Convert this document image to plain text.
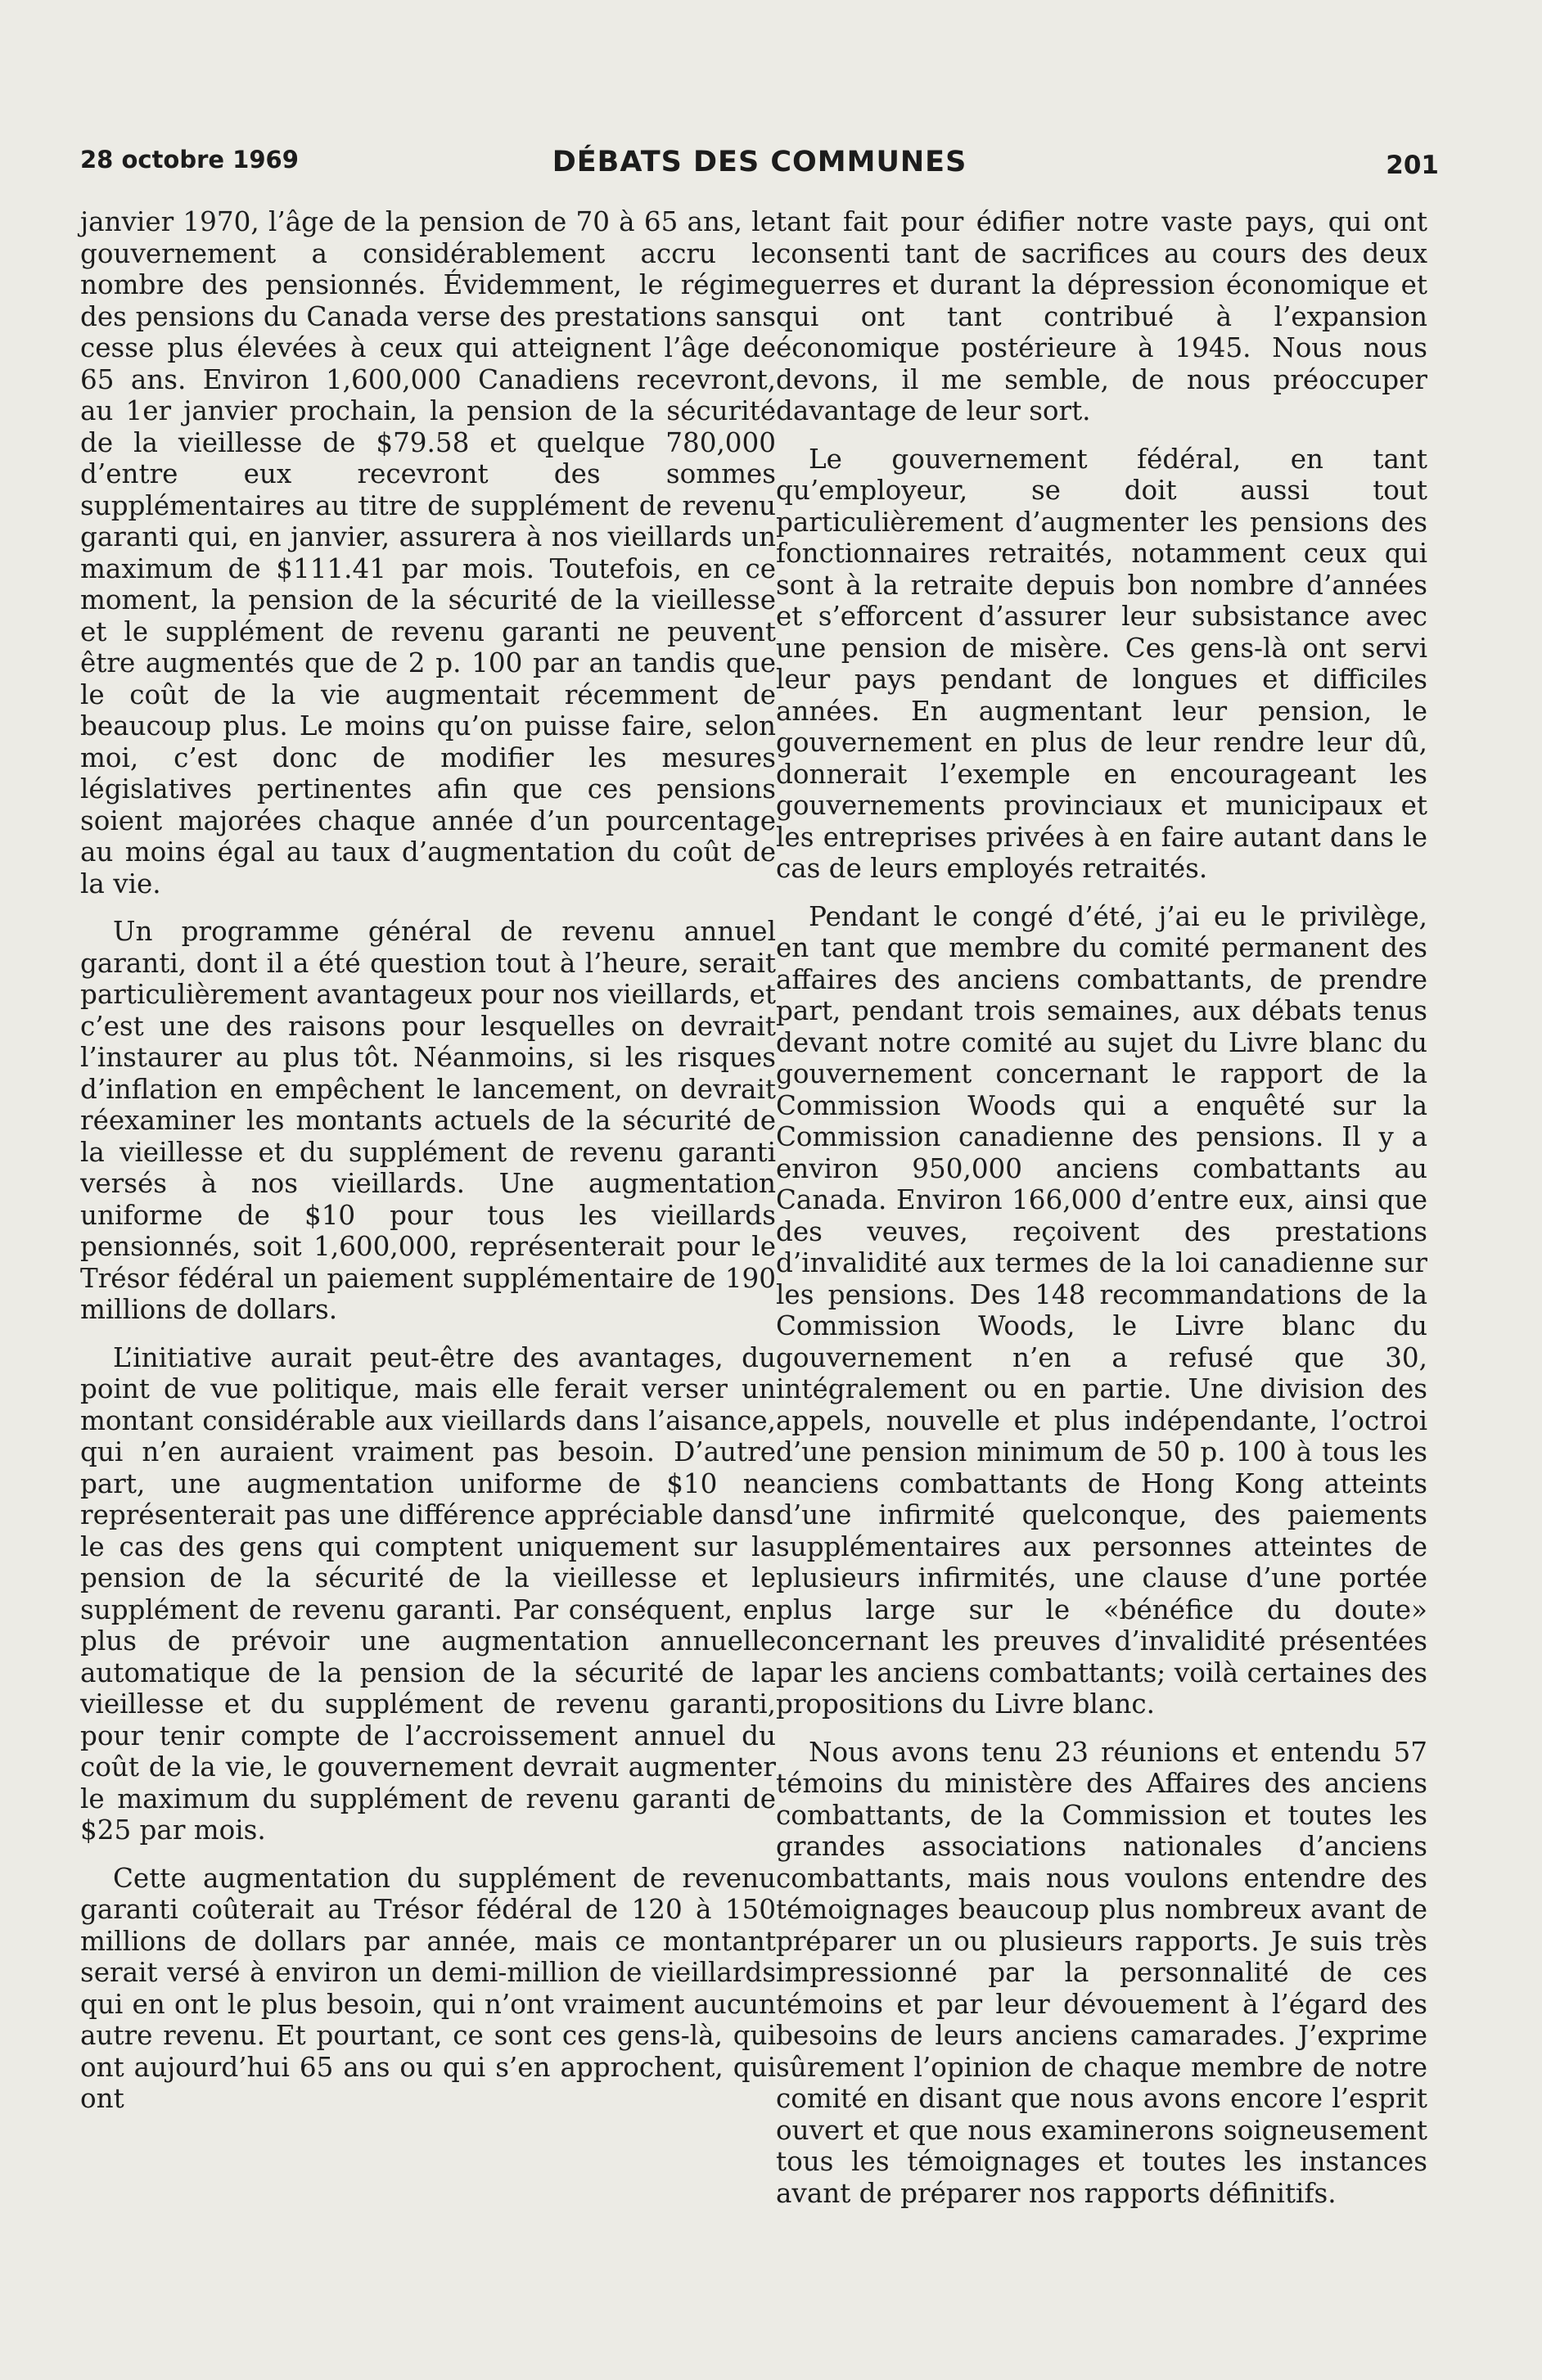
28 octobre 1969	DÉBATS DES COMMUNES	201

janvier 1970, l’âge de la pension de 70 à 65 ans, le gouvernement a considérablement accru le nombre des pensionnés. Évidemment, le régime des pensions du Canada verse des prestations sans cesse plus élevées à ceux qui atteignent l’âge de 65 ans. Environ 1,600,000 Canadiens recevront, au 1er janvier prochain, la pension de la sécurité de la vieillesse de $79.58 et quelque 780,000 d’entre eux recevront des sommes supplémentaires au titre de supplément de revenu garanti qui, en janvier, assurera à nos vieillards un maximum de $111.41 par mois. Toutefois, en ce moment, la pension de la sécurité de la vieillesse et le supplément de revenu garanti ne peuvent être augmentés que de 2 p. 100 par an tandis que le coût de la vie augmentait récemment de beaucoup plus. Le moins qu’on puisse faire, selon moi, c’est donc de modifier les mesures législatives pertinentes afin que ces pensions soient majorées chaque année d’un pourcentage au moins égal au taux d’augmentation du coût de la vie.

Un programme général de revenu annuel garanti, dont il a été question tout à l’heure, serait particulièrement avantageux pour nos vieillards, et c’est une des raisons pour lesquelles on devrait l’instaurer au plus tôt. Néanmoins, si les risques d’inflation en empêchent le lancement, on devrait réexaminer les montants actuels de la sécurité de la vieillesse et du supplément de revenu garanti versés à nos vieillards. Une augmentation uniforme de $10 pour tous les vieillards pensionnés, soit 1,600,000, représenterait pour le Trésor fédéral un paiement supplémentaire de 190 millions de dollars.

L’initiative aurait peut-être des avantages, du point de vue politique, mais elle ferait verser un montant considérable aux vieillards dans l’aisance, qui n’en auraient vraiment pas besoin. D’autre part, une augmentation uniforme de $10 ne représenterait pas une différence appréciable dans le cas des gens qui comptent uniquement sur la pension de la sécurité de la vieillesse et le supplément de revenu garanti. Par conséquent, en plus de prévoir une augmentation annuelle automatique de la pension de la sécurité de la vieillesse et du supplément de revenu garanti, pour tenir compte de l’accroissement annuel du coût de la vie, le gouvernement devrait augmenter le maximum du supplément de revenu garanti de $25 par mois.

Cette augmentation du supplément de revenu garanti coûterait au Trésor fédéral de 120 à 150 millions de dollars par année, mais ce montant serait versé à environ un demi-million de vieillards qui en ont le plus besoin, qui n’ont vraiment aucun autre revenu. Et pourtant, ce sont ces gens-là, qui ont aujourd’hui 65 ans ou qui s’en approchent, qui ont

tant fait pour édifier notre vaste pays, qui ont consenti tant de sacrifices au cours des deux guerres et durant la dépression économique et qui ont tant contribué à l’expansion économique postérieure à 1945. Nous nous devons, il me semble, de nous préoccuper davantage de leur sort.

Le gouvernement fédéral, en tant qu’employeur, se doit aussi tout particulièrement d’augmenter les pensions des fonctionnaires retraités, notamment ceux qui sont à la retraite depuis bon nombre d’années et s’efforcent d’assurer leur subsistance avec une pension de misère. Ces gens-là ont servi leur pays pendant de longues et difficiles années. En augmentant leur pension, le gouvernement en plus de leur rendre leur dû, donnerait l’exemple en encourageant les gouvernements provinciaux et municipaux et les entreprises privées à en faire autant dans le cas de leurs employés retraités.

Pendant le congé d’été, j’ai eu le privilège, en tant que membre du comité permanent des affaires des anciens combattants, de prendre part, pendant trois semaines, aux débats tenus devant notre comité au sujet du Livre blanc du gouvernement concernant le rapport de la Commission Woods qui a enquêté sur la Commission canadienne des pensions. Il y a environ 950,000 anciens combattants au Canada. Environ 166,000 d’entre eux, ainsi que des veuves, reçoivent des prestations d’invalidité aux termes de la loi canadienne sur les pensions. Des 148 recommandations de la Commission Woods, le Livre blanc du gouvernement n’en a refusé que 30, intégralement ou en partie. Une division des appels, nouvelle et plus indépendante, l’octroi d’une pension minimum de 50 p. 100 à tous les anciens combattants de Hong Kong atteints d’une infirmité quelconque, des paiements supplémentaires aux personnes atteintes de plusieurs infirmités, une clause d’une portée plus large sur le «bénéfice du doute» concernant les preuves d’invalidité présentées par les anciens combattants; voilà certaines des propositions du Livre blanc.

Nous avons tenu 23 réunions et entendu 57 témoins du ministère des Affaires des anciens combattants, de la Commission et toutes les grandes associations nationales d’anciens combattants, mais nous voulons entendre des témoignages beaucoup plus nombreux avant de préparer un ou plusieurs rapports. Je suis très impressionné par la personnalité de ces témoins et par leur dévouement à l’égard des besoins de leurs anciens camarades. J’exprime sûrement l’opinion de chaque membre de notre comité en disant que nous avons encore l’esprit ouvert et que nous examinerons soigneusement tous les témoignages et toutes les instances avant de préparer nos rapports définitifs.
